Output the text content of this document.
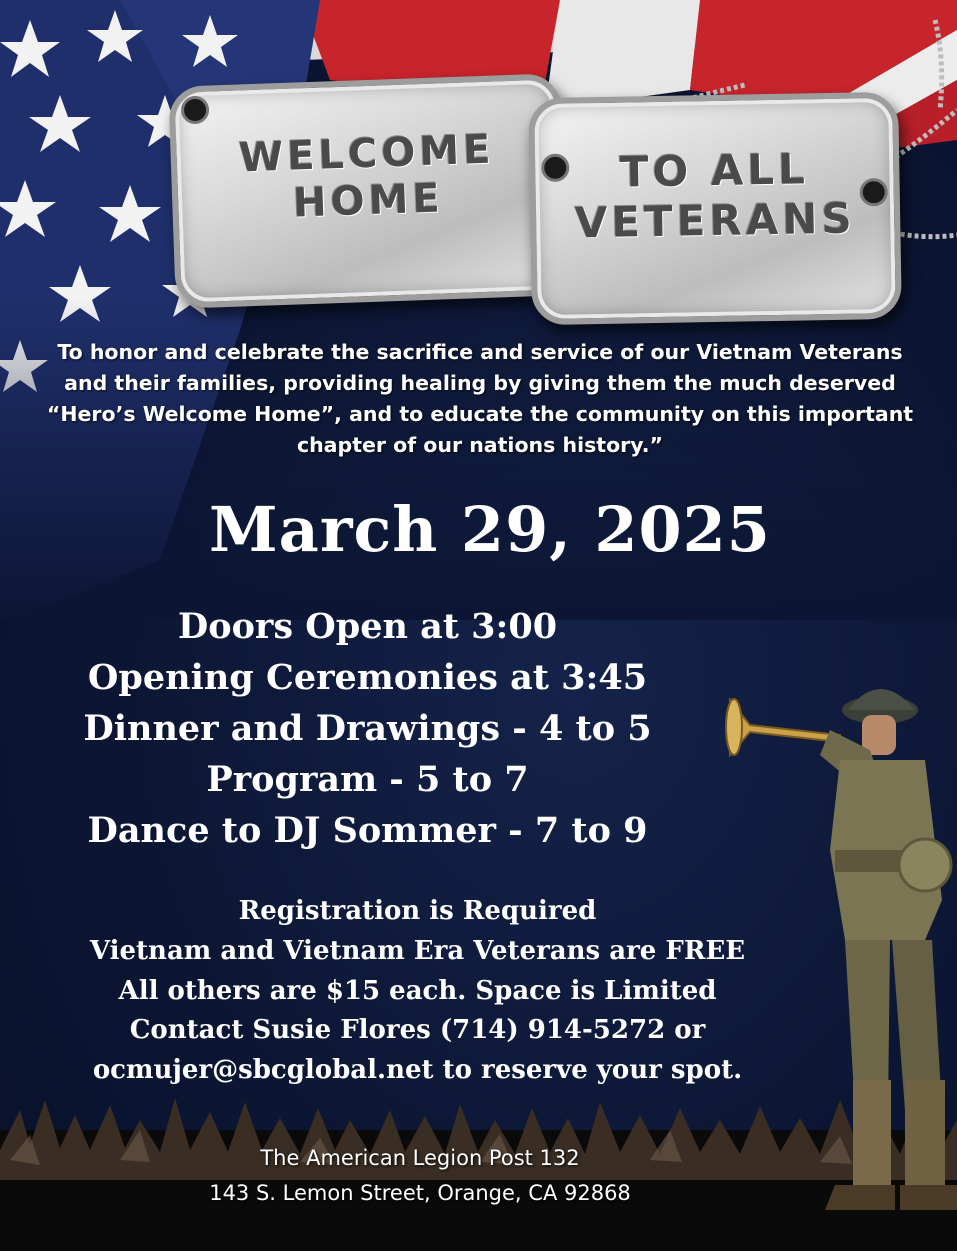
WELCOME
HOME
TO ALL
VETERANS
To honor and celebrate the sacrifice and service of our Vietnam Veterans
and their families, providing healing by giving them the much deserved
“Hero’s Welcome Home”, and to educate the community on this important
chapter of our nations history.”
March 29, 2025
Doors Open at 3:00
Opening Ceremonies at 3:45
Dinner and Drawings - 4 to 5
Program - 5 to 7
Dance to DJ Sommer - 7 to 9
Registration is Required
Vietnam and Vietnam Era Veterans are FREE
All others are $15 each. Space is Limited
Contact Susie Flores (714) 914-5272 or
ocmujer@sbcglobal.net to reserve your spot.
The American Legion Post 132
143 S. Lemon Street, Orange, CA 92868
